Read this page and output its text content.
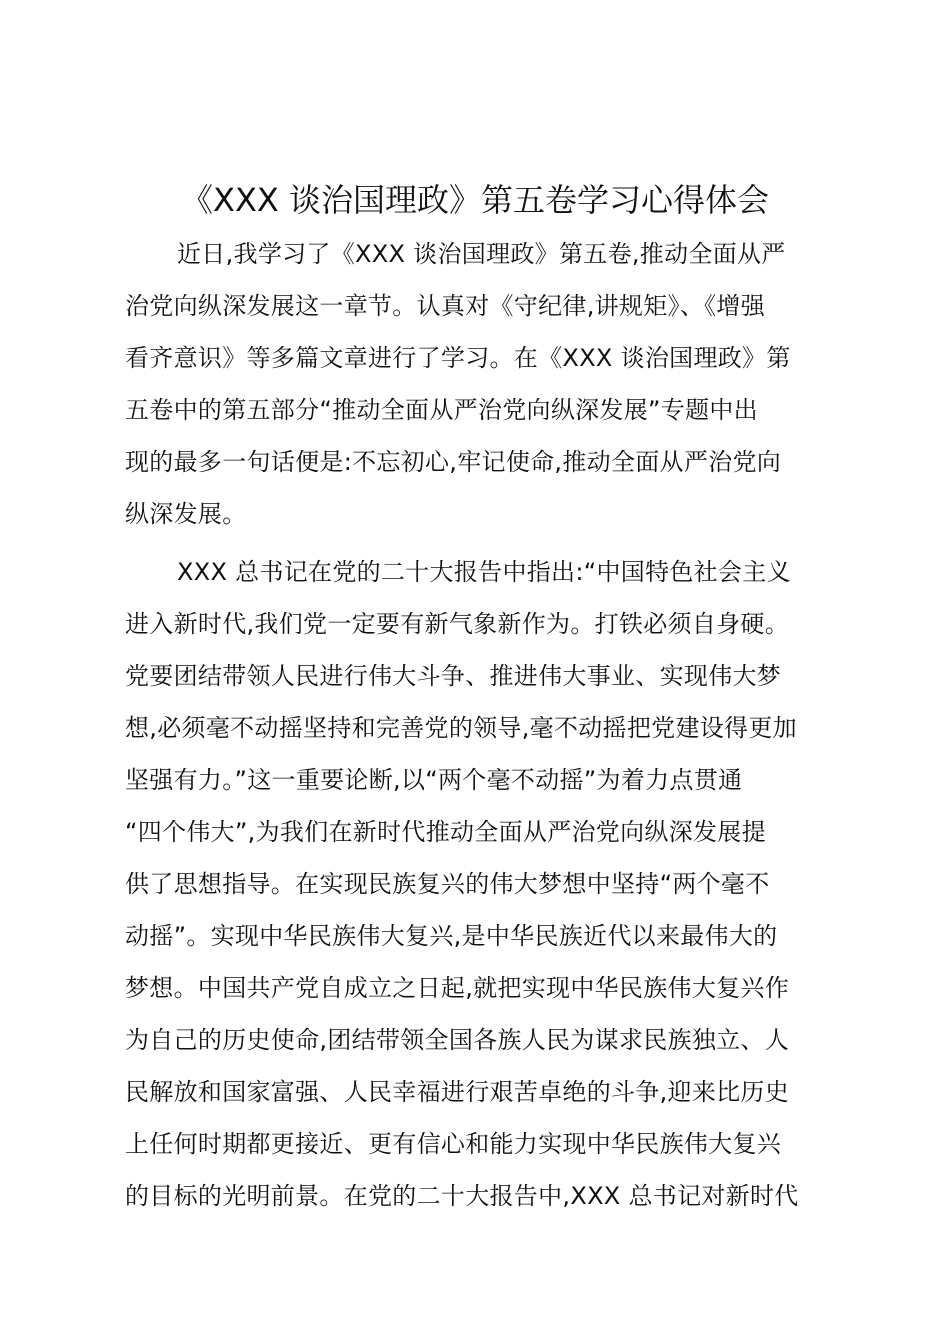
《XXX 谈治国理政》第五卷学习心得体会
近日,我学习了《XXX 谈治国理政》第五卷,推动全面从严
治党向纵深发展这一章节。认真对《守纪律,讲规矩》、《增强
看齐意识》等多篇文章进行了学习。在《XXX 谈治国理政》第
五卷中的第五部分“推动全面从严治党向纵深发展”专题中出
现的最多一句话便是:不忘初心,牢记使命,推动全面从严治党向
纵深发展。
XXX 总书记在党的二十大报告中指出:“中国特色社会主义
进入新时代,我们党一定要有新气象新作为。打铁必须自身硬。
党要团结带领人民进行伟大斗争、推进伟大事业、实现伟大梦
想,必须毫不动摇坚持和完善党的领导,毫不动摇把党建设得更加
坚强有力。”这一重要论断,以“两个毫不动摇”为着力点贯通
“四个伟大”,为我们在新时代推动全面从严治党向纵深发展提
供了思想指导。在实现民族复兴的伟大梦想中坚持“两个毫不
动摇”。实现中华民族伟大复兴,是中华民族近代以来最伟大的
梦想。中国共产党自成立之日起,就把实现中华民族伟大复兴作
为自己的历史使命,团结带领全国各族人民为谋求民族独立、人
民解放和国家富强、人民幸福进行艰苦卓绝的斗争,迎来比历史
上任何时期都更接近、更有信心和能力实现中华民族伟大复兴
的目标的光明前景。在党的二十大报告中,XXX 总书记对新时代
